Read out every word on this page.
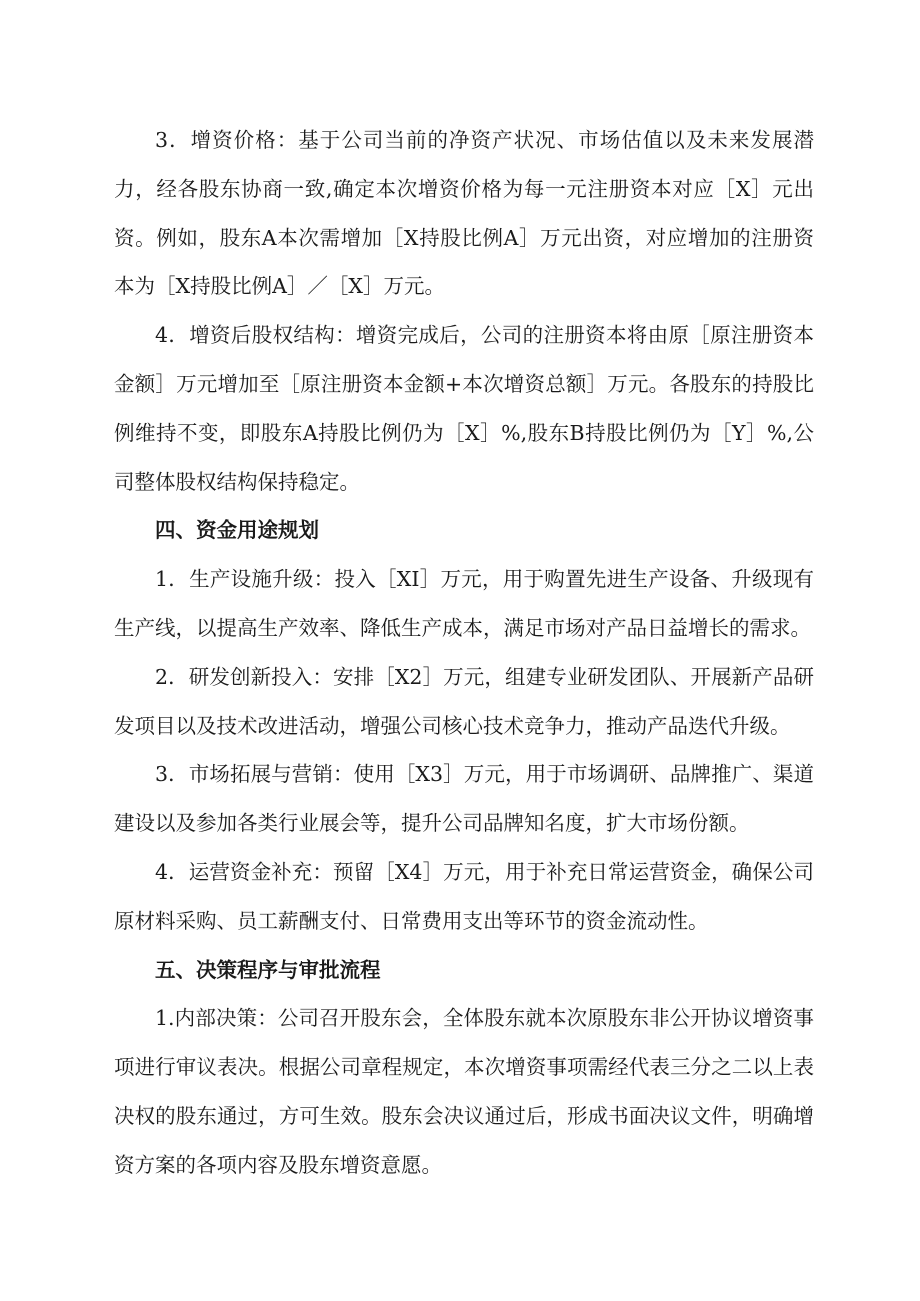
3．增资价格：基于公司当前的净资产状况、市场估值以及未来发展潜力，经各股东协商一致,确定本次增资价格为每一元注册资本对应［X］元出资。例如，股东A本次需增加［X持股比例A］万元出资，对应增加的注册资本为［X持股比例A］／［X］万元。

4．增资后股权结构：增资完成后，公司的注册资本将由原［原注册资本金额］万元增加至［原注册资本金额+本次增资总额］万元。各股东的持股比例维持不变，即股东A持股比例仍为［X］%,股东B持股比例仍为［Y］%,公司整体股权结构保持稳定。

四、资金用途规划

1．生产设施升级：投入［XI］万元，用于购置先进生产设备、升级现有生产线，以提高生产效率、降低生产成本，满足市场对产品日益增长的需求。

2．研发创新投入：安排［X2］万元，组建专业研发团队、开展新产品研发项目以及技术改进活动，增强公司核心技术竞争力，推动产品迭代升级。

3．市场拓展与营销：使用［X3］万元，用于市场调研、品牌推广、渠道建设以及参加各类行业展会等，提升公司品牌知名度，扩大市场份额。

4．运营资金补充：预留［X4］万元，用于补充日常运营资金，确保公司原材料采购、员工薪酬支付、日常费用支出等环节的资金流动性。

五、决策程序与审批流程

1.内部决策：公司召开股东会，全体股东就本次原股东非公开协议增资事项进行审议表决。根据公司章程规定，本次增资事项需经代表三分之二以上表决权的股东通过，方可生效。股东会决议通过后，形成书面决议文件，明确增资方案的各项内容及股东增资意愿。
